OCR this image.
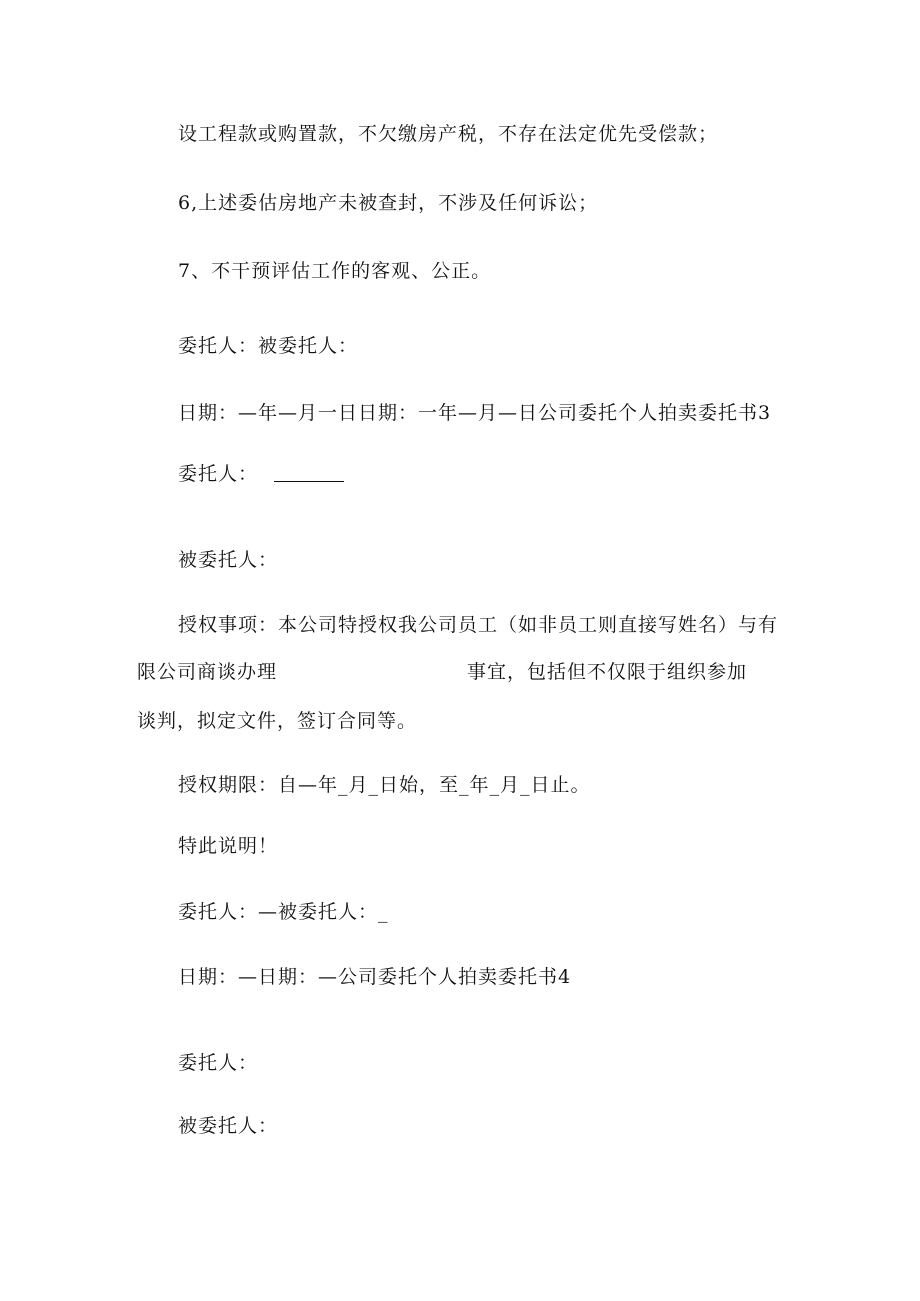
设工程款或购置款，不欠缴房产税，不存在法定优先受偿款；

6,上述委估房地产未被查封，不涉及任何诉讼；

7、不干预评估工作的客观、公正。

委托人：被委托人：

日期：—年—月一日日期：一年—月—日公司委托个人拍卖委托书3

委托人：

被委托人：

授权事项：本公司特授权我公司员工（如非员工则直接写姓名）与有

限公司商谈办理	事宜，包括但不仅限于组织参加

谈判，拟定文件，签订合同等。

授权期限：自—年_月_日始，至_年_月_日止。

特此说明！

委托人：—被委托人：_

日期：—日期：—公司委托个人拍卖委托书4

委托人：

被委托人：
